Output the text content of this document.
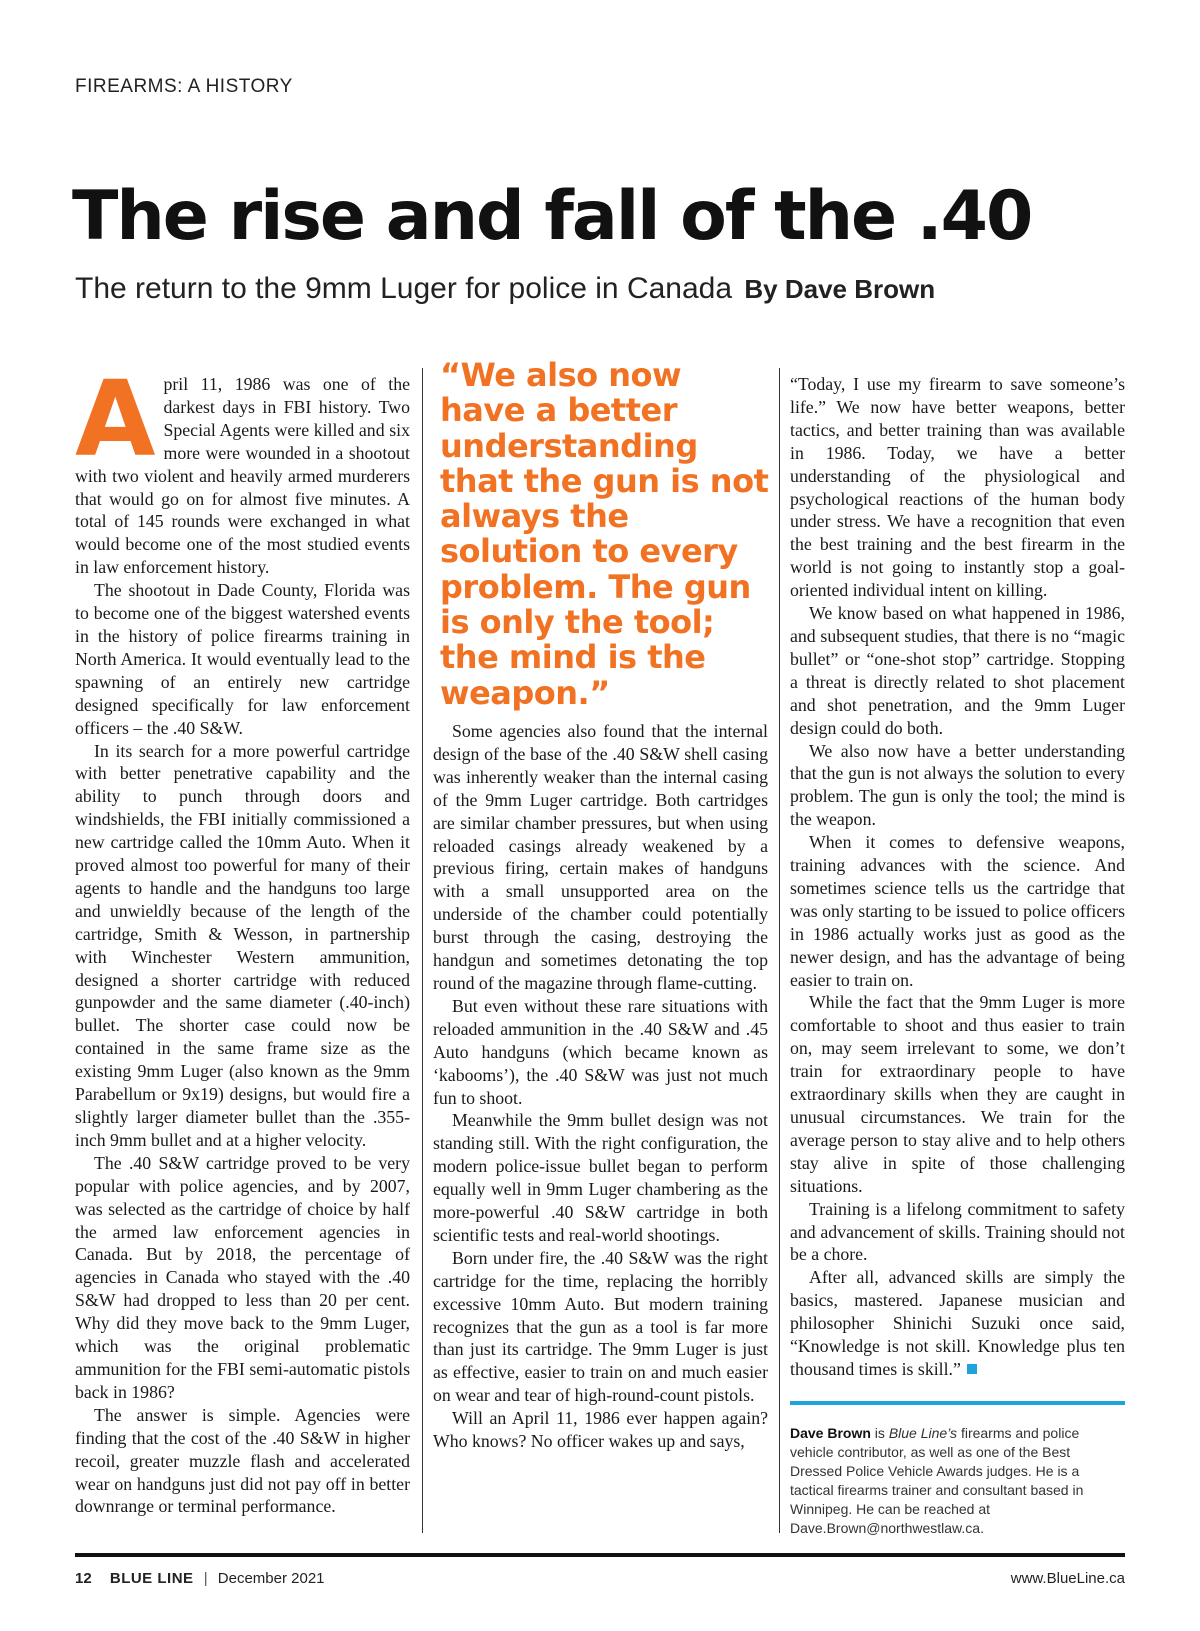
FIREARMS: A HISTORY
The rise and fall of the .40
The return to the 9mm Luger for police in Canada By Dave Brown

April 11, 1986 was one of the darkest days in FBI history. Two Special Agents were killed and six more were wounded in a shootout with two violent and heavily armed murderers that would go on for almost five minutes. A total of 145 rounds were exchanged in what would become one of the most studied events in law enforcement history.

The shootout in Dade County, Florida was to become one of the biggest watershed events in the history of police firearms training in North America. It would eventually lead to the spawning of an entirely new cartridge designed specifically for law enforcement officers – the .40 S&W.

In its search for a more powerful cartridge with better penetrative capability and the ability to punch through doors and windshields, the FBI initially commissioned a new cartridge called the 10mm Auto. When it proved almost too powerful for many of their agents to handle and the handguns too large and unwieldly because of the length of the cartridge, Smith & Wesson, in partnership with Winchester Western ammunition, designed a shorter cartridge with reduced gunpowder and the same diameter (.40-inch) bullet. The shorter case could now be contained in the same frame size as the existing 9mm Luger (also known as the 9mm Parabellum or 9x19) designs, but would fire a slightly larger diameter bullet than the .355-inch 9mm bullet and at a higher velocity.

The .40 S&W cartridge proved to be very popular with police agencies, and by 2007, was selected as the cartridge of choice by half the armed law enforcement agencies in Canada. But by 2018, the percentage of agencies in Canada who stayed with the .40 S&W had dropped to less than 20 per cent. Why did they move back to the 9mm Luger, which was the original problematic ammunition for the FBI semi-automatic pistols back in 1986?

The answer is simple. Agencies were finding that the cost of the .40 S&W in higher recoil, greater muzzle flash and accelerated wear on handguns just did not pay off in better downrange or terminal performance.

“We also now have a better understanding that the gun is not always the solution to every problem. The gun is only the tool; the mind is the weapon.”

Some agencies also found that the internal design of the base of the .40 S&W shell casing was inherently weaker than the internal casing of the 9mm Luger cartridge. Both cartridges are similar chamber pressures, but when using reloaded casings already weakened by a previous firing, certain makes of handguns with a small unsupported area on the underside of the chamber could potentially burst through the casing, destroying the handgun and sometimes detonating the top round of the magazine through flame-cutting.

But even without these rare situations with reloaded ammunition in the .40 S&W and .45 Auto handguns (which became known as ‘kabooms’), the .40 S&W was just not much fun to shoot.

Meanwhile the 9mm bullet design was not standing still. With the right configuration, the modern police-issue bullet began to perform equally well in 9mm Luger chambering as the more-powerful .40 S&W cartridge in both scientific tests and real-world shootings.

Born under fire, the .40 S&W was the right cartridge for the time, replacing the horribly excessive 10mm Auto. But modern training recognizes that the gun as a tool is far more than just its cartridge. The 9mm Luger is just as effective, easier to train on and much easier on wear and tear of high-round-count pistols.

Will an April 11, 1986 ever happen again? Who knows? No officer wakes up and says,

“Today, I use my firearm to save someone’s life.” We now have better weapons, better tactics, and better training than was available in 1986. Today, we have a better understanding of the physiological and psychological reactions of the human body under stress. We have a recognition that even the best training and the best firearm in the world is not going to instantly stop a goal-oriented individual intent on killing.

We know based on what happened in 1986, and subsequent studies, that there is no “magic bullet” or “one-shot stop” cartridge. Stopping a threat is directly related to shot placement and shot penetration, and the 9mm Luger design could do both.

We also now have a better understanding that the gun is not always the solution to every problem. The gun is only the tool; the mind is the weapon.

When it comes to defensive weapons, training advances with the science. And sometimes science tells us the cartridge that was only starting to be issued to police officers in 1986 actually works just as good as the newer design, and has the advantage of being easier to train on.

While the fact that the 9mm Luger is more comfortable to shoot and thus easier to train on, may seem irrelevant to some, we don’t train for extraordinary people to have extraordinary skills when they are caught in unusual circumstances. We train for the average person to stay alive and to help others stay alive in spite of those challenging situations.

Training is a lifelong commitment to safety and advancement of skills. Training should not be a chore.

After all, advanced skills are simply the basics, mastered. Japanese musician and philosopher Shinichi Suzuki once said, “Knowledge is not skill. Knowledge plus ten thousand times is skill.”

Dave Brown is Blue Line’s firearms and police vehicle contributor, as well as one of the Best Dressed Police Vehicle Awards judges. He is a tactical firearms trainer and consultant based in Winnipeg. He can be reached at Dave.Brown@northwestlaw.ca.
12 BLUE LINE | December 2021	www.BlueLine.ca
